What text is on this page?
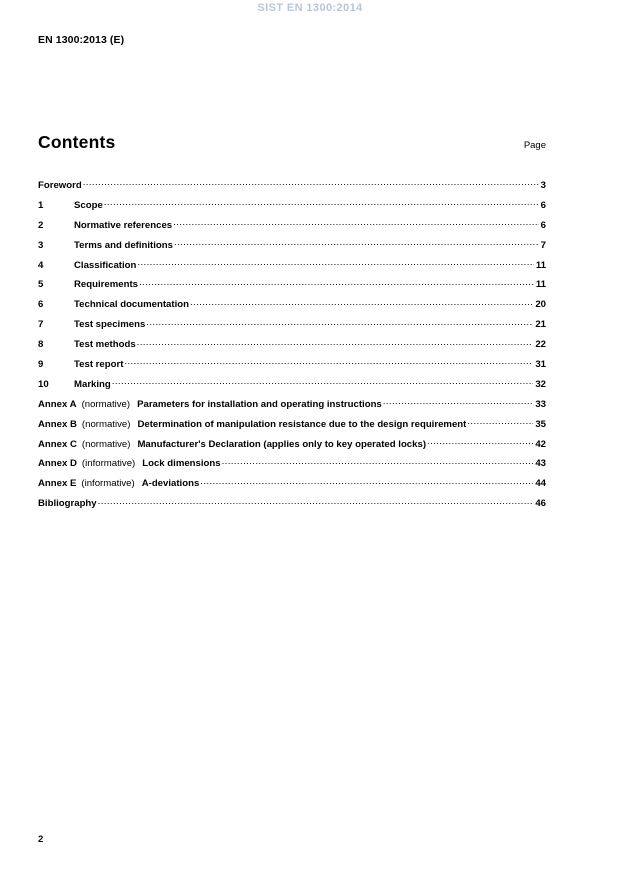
SIST EN 1300:2014
EN 1300:2013 (E)
Contents	Page
Foreword .....	3
1	Scope .....	6
2	Normative references .....	6
3	Terms and definitions .....	7
4	Classification .....	11
5	Requirements .....	11
6	Technical documentation .....	20
7	Test specimens .....	21
8	Test methods .....	22
9	Test report .....	31
10	Marking .....	32
Annex A (normative) Parameters for installation and operating instructions .....	33
Annex B (normative) Determination of manipulation resistance due to the design requirement .....	35
Annex C (normative) Manufacturer's Declaration (applies only to key operated locks) .....	42
Annex D (informative) Lock dimensions .....	43
Annex E (informative) A-deviations .....	44
Bibliography .....	46
2
